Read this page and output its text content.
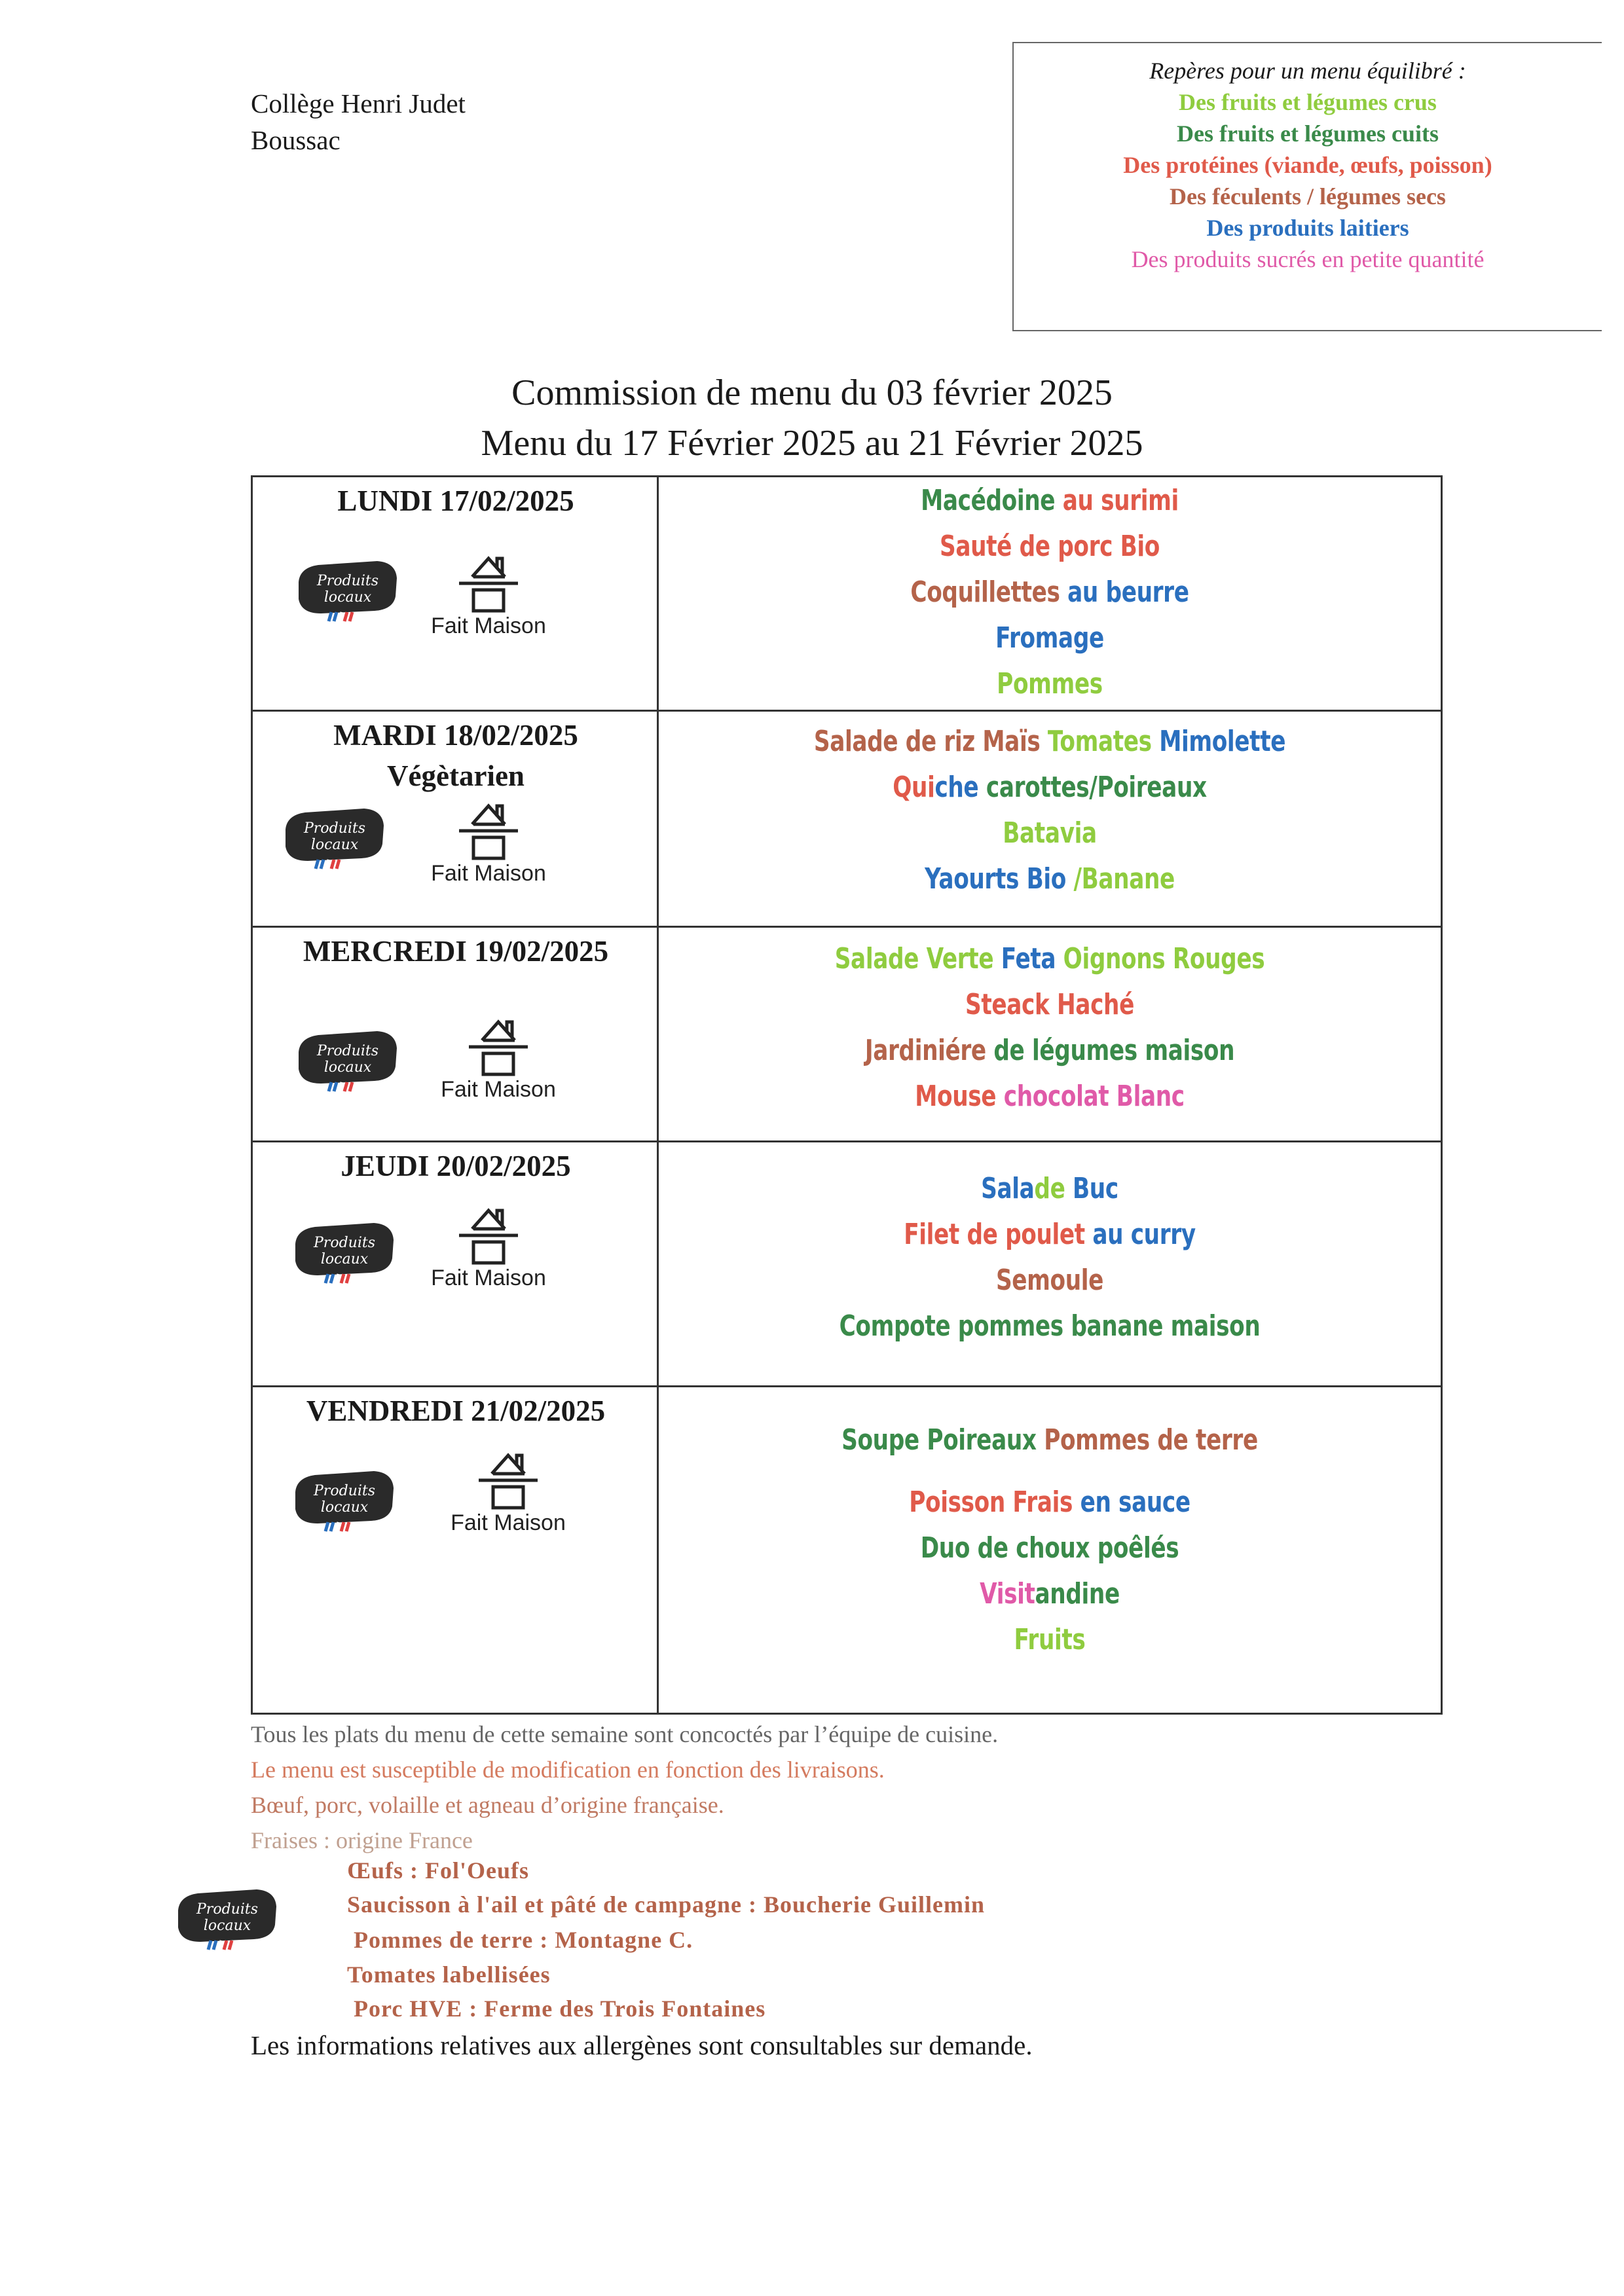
Collège Henri Judet
Boussac
Repères pour un menu équilibré :
Des fruits et légumes crus
Des fruits et légumes cuits
Des protéines (viande, œufs, poisson)
Des féculents / légumes secs
Des produits laitiers
Des produits sucrés en petite quantité
Commission de menu du 03 février 2025
Menu du 17 Février 2025 au 21 Février 2025
LUNDI 17/02/2025
Produits
locaux
Fait Maison
Macédoine au surimi
Sauté de porc Bio
Coquillettes au beurre
Fromage
Pommes
MARDI 18/02/2025
Végètarien
Produits
locaux
Fait Maison
Salade de riz Maïs Tomates Mimolette
Quiche carottes/Poireaux
Batavia
Yaourts Bio /Banane
MERCREDI 19/02/2025
Produits
locaux
Fait Maison
Salade Verte Feta Oignons Rouges
Steack Haché
Jardiniére de légumes maison
Mouse chocolat Blanc
JEUDI 20/02/2025
Produits
locaux
Fait Maison
Salade Buc
Filet de poulet au curry
Semoule
Compote pommes banane maison
VENDREDI 21/02/2025
Produits
locaux
Fait Maison
Soupe Poireaux Pommes de terre
Poisson Frais en sauce
Duo de choux poêlés
Visitandine
Fruits
Tous les plats du menu de cette semaine sont concoctés par l’équipe de cuisine.
Le menu est susceptible de modification en fonction des livraisons.
Bœuf, porc, volaille et agneau d’origine française.
Fraises : origine France
Produits
locaux
Œufs : Fol'Oeufs
Saucisson à l'ail et pâté de campagne : Boucherie Guillemin
Pommes de terre : Montagne C.
Tomates labellisées
Porc HVE : Ferme des Trois Fontaines
Les informations relatives aux allergènes sont consultables sur demande.
